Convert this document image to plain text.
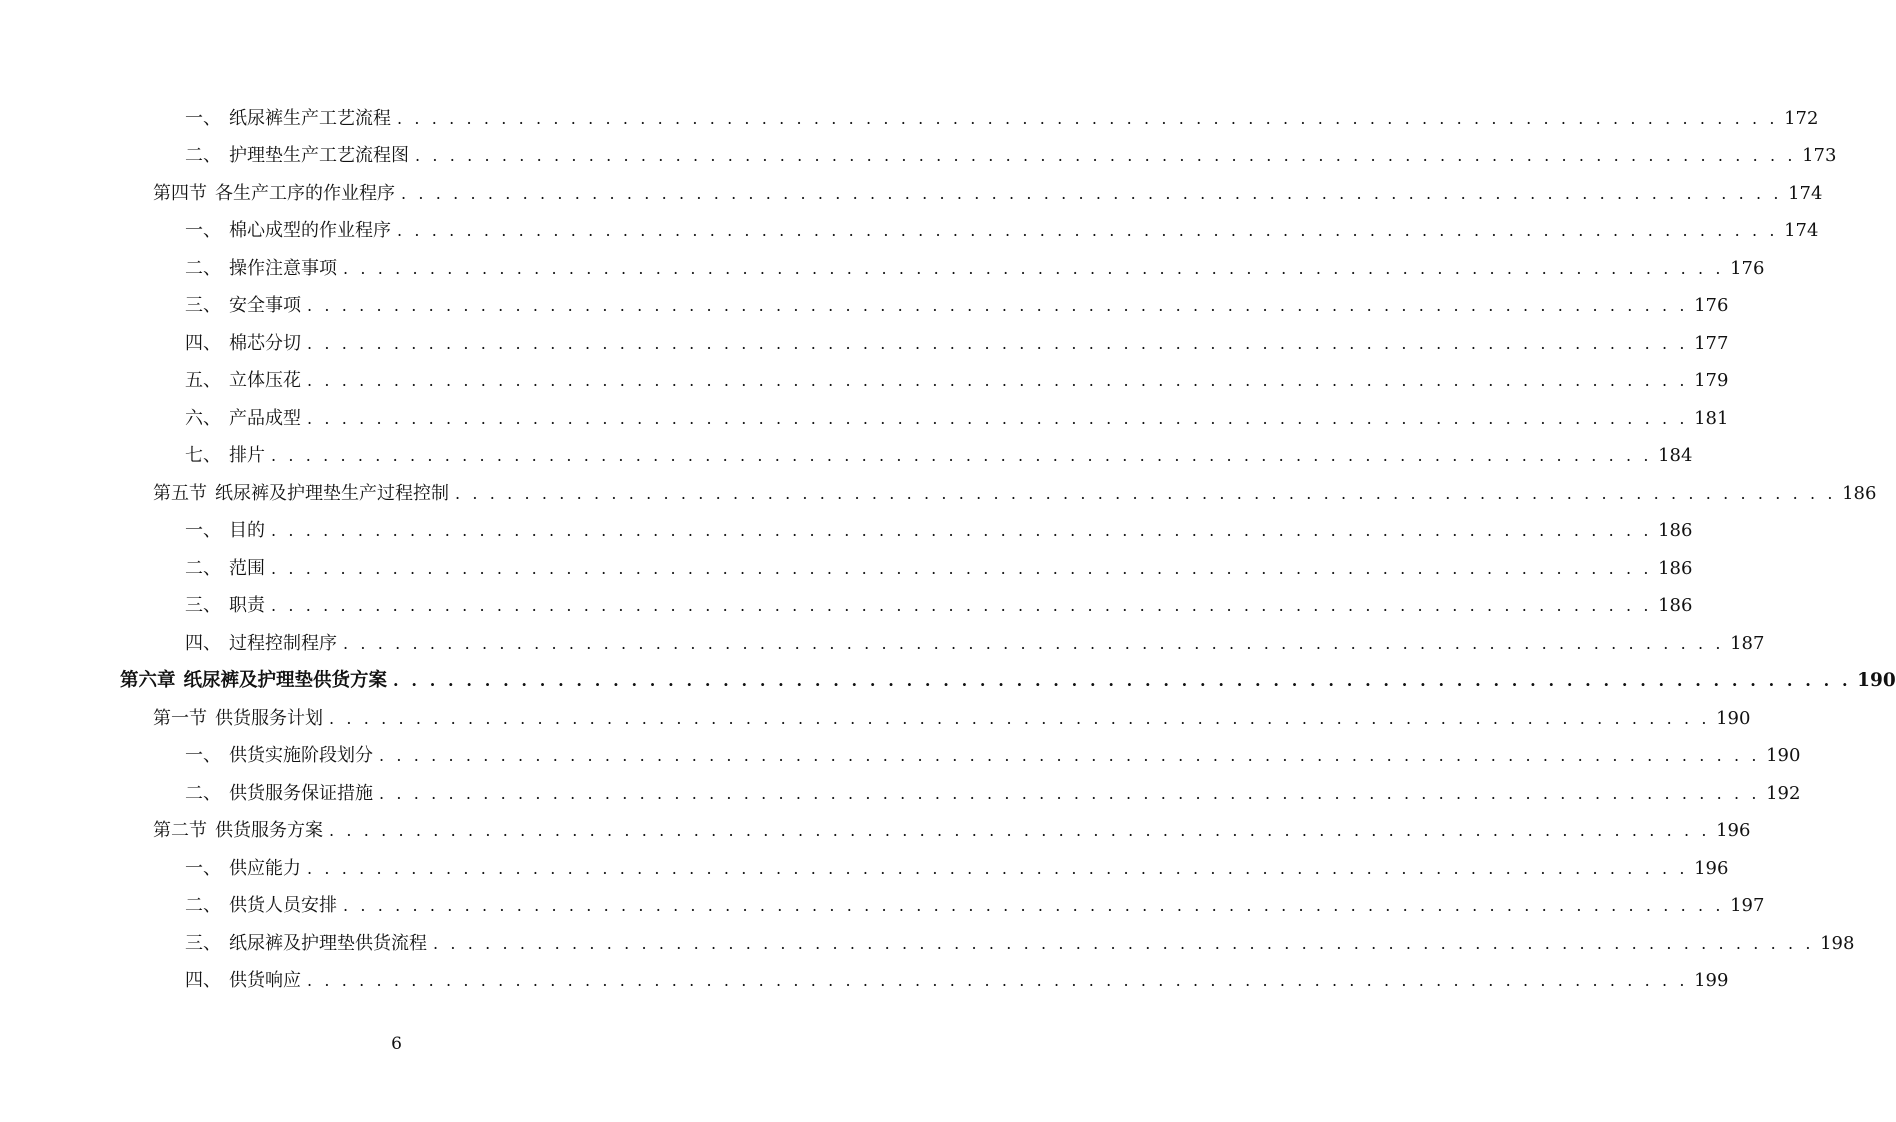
一、 纸尿裤生产工艺流程 . . . . . . . . . . . . . . . . . . . . . . . . . . . . . . . . . . . . . . . . . . . . . . . . . . . . . . . . . . . . . . . . . . . . . . . . . . . . . . . . 172
二、 护理垫生产工艺流程图 . . . . . . . . . . . . . . . . . . . . . . . . . . . . . . . . . . . . . . . . . . . . . . . . . . . . . . . . . . . . . . . . . . . . . . . . . . . . . . . . 173
第四节 各生产工序的作业程序 . . . . . . . . . . . . . . . . . . . . . . . . . . . . . . . . . . . . . . . . . . . . . . . . . . . . . . . . . . . . . . . . . . . . . . . . . . . . . . . . 174
一、 棉心成型的作业程序 . . . . . . . . . . . . . . . . . . . . . . . . . . . . . . . . . . . . . . . . . . . . . . . . . . . . . . . . . . . . . . . . . . . . . . . . . . . . . . . . 174
二、 操作注意事项 . . . . . . . . . . . . . . . . . . . . . . . . . . . . . . . . . . . . . . . . . . . . . . . . . . . . . . . . . . . . . . . . . . . . . . . . . . . . . . . . 176
三、 安全事项 . . . . . . . . . . . . . . . . . . . . . . . . . . . . . . . . . . . . . . . . . . . . . . . . . . . . . . . . . . . . . . . . . . . . . . . . . . . . . . . . 176
四、 棉芯分切 . . . . . . . . . . . . . . . . . . . . . . . . . . . . . . . . . . . . . . . . . . . . . . . . . . . . . . . . . . . . . . . . . . . . . . . . . . . . . . . . 177
五、 立体压花 . . . . . . . . . . . . . . . . . . . . . . . . . . . . . . . . . . . . . . . . . . . . . . . . . . . . . . . . . . . . . . . . . . . . . . . . . . . . . . . . 179
六、 产品成型 . . . . . . . . . . . . . . . . . . . . . . . . . . . . . . . . . . . . . . . . . . . . . . . . . . . . . . . . . . . . . . . . . . . . . . . . . . . . . . . . 181
七、 排片 . . . . . . . . . . . . . . . . . . . . . . . . . . . . . . . . . . . . . . . . . . . . . . . . . . . . . . . . . . . . . . . . . . . . . . . . . . . . . . . . 184
第五节 纸尿裤及护理垫生产过程控制 . . . . . . . . . . . . . . . . . . . . . . . . . . . . . . . . . . . . . . . . . . . . . . . . . . . . . . . . . . . . . . . . . . . . . . . . . . . . . . . . 186
一、 目的 . . . . . . . . . . . . . . . . . . . . . . . . . . . . . . . . . . . . . . . . . . . . . . . . . . . . . . . . . . . . . . . . . . . . . . . . . . . . . . . . 186
二、 范围 . . . . . . . . . . . . . . . . . . . . . . . . . . . . . . . . . . . . . . . . . . . . . . . . . . . . . . . . . . . . . . . . . . . . . . . . . . . . . . . . 186
三、 职责 . . . . . . . . . . . . . . . . . . . . . . . . . . . . . . . . . . . . . . . . . . . . . . . . . . . . . . . . . . . . . . . . . . . . . . . . . . . . . . . . 186
四、 过程控制程序 . . . . . . . . . . . . . . . . . . . . . . . . . . . . . . . . . . . . . . . . . . . . . . . . . . . . . . . . . . . . . . . . . . . . . . . . . . . . . . . . 187
第六章 纸尿裤及护理垫供货方案 . . . . . . . . . . . . . . . . . . . . . . . . . . . . . . . . . . . . . . . . . . . . . . . . . . . . . . . . . . . . . . . . . . . . . . . . . . . . . . . . 190
第一节 供货服务计划 . . . . . . . . . . . . . . . . . . . . . . . . . . . . . . . . . . . . . . . . . . . . . . . . . . . . . . . . . . . . . . . . . . . . . . . . . . . . . . . . 190
一、 供货实施阶段划分 . . . . . . . . . . . . . . . . . . . . . . . . . . . . . . . . . . . . . . . . . . . . . . . . . . . . . . . . . . . . . . . . . . . . . . . . . . . . . . . . 190
二、 供货服务保证措施 . . . . . . . . . . . . . . . . . . . . . . . . . . . . . . . . . . . . . . . . . . . . . . . . . . . . . . . . . . . . . . . . . . . . . . . . . . . . . . . . 192
第二节 供货服务方案 . . . . . . . . . . . . . . . . . . . . . . . . . . . . . . . . . . . . . . . . . . . . . . . . . . . . . . . . . . . . . . . . . . . . . . . . . . . . . . . . 196
一、 供应能力 . . . . . . . . . . . . . . . . . . . . . . . . . . . . . . . . . . . . . . . . . . . . . . . . . . . . . . . . . . . . . . . . . . . . . . . . . . . . . . . . 196
二、 供货人员安排 . . . . . . . . . . . . . . . . . . . . . . . . . . . . . . . . . . . . . . . . . . . . . . . . . . . . . . . . . . . . . . . . . . . . . . . . . . . . . . . . 197
三、 纸尿裤及护理垫供货流程 . . . . . . . . . . . . . . . . . . . . . . . . . . . . . . . . . . . . . . . . . . . . . . . . . . . . . . . . . . . . . . . . . . . . . . . . . . . . . . . . 198
四、 供货响应 . . . . . . . . . . . . . . . . . . . . . . . . . . . . . . . . . . . . . . . . . . . . . . . . . . . . . . . . . . . . . . . . . . . . . . . . . . . . . . . . 199
6
